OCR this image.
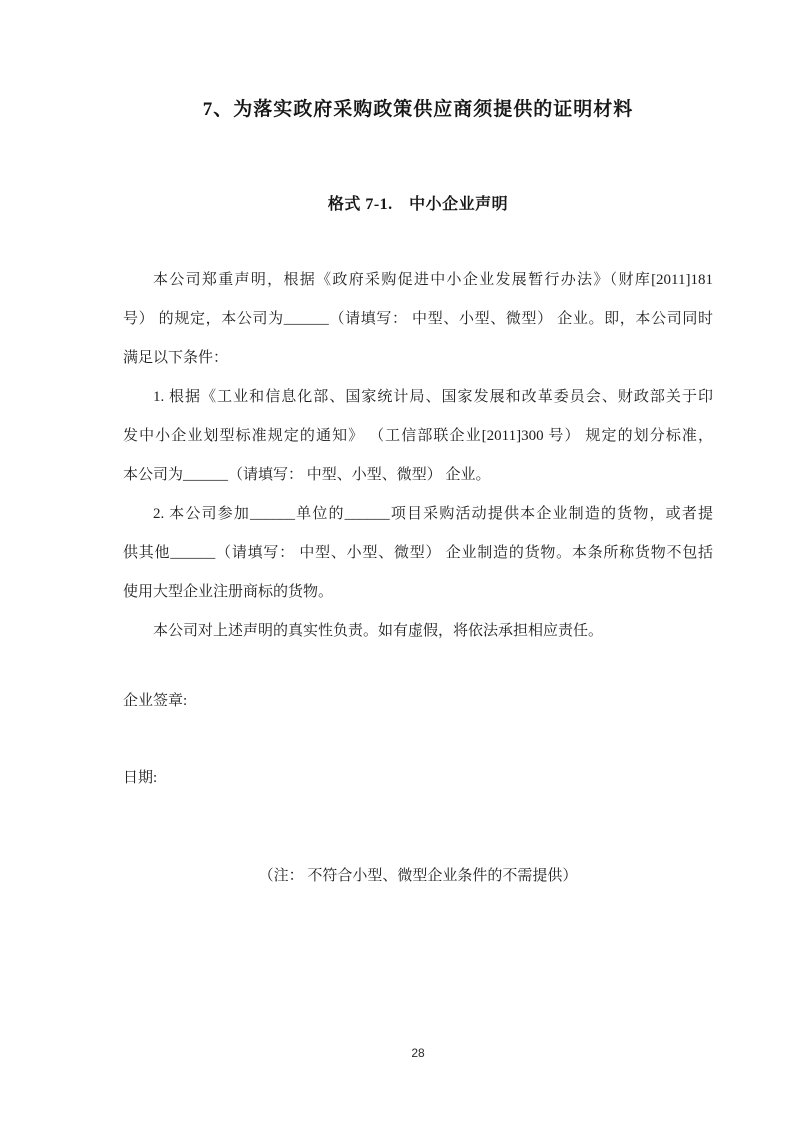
7、为落实政府采购政策供应商须提供的证明材料
格式 7-1.　中小企业声明
本公司郑重声明，根据《政府采购促进中小企业发展暂行办法》（财库[2011]181
号） 的规定，本公司为______（请填写： 中型、小型、微型） 企业。即，本公司同时
满足以下条件：
1. 根据《工业和信息化部、国家统计局、国家发展和改革委员会、财政部关于印
发中小企业划型标准规定的通知》 （工信部联企业[2011]300 号） 规定的划分标准，
本公司为______（请填写： 中型、小型、微型） 企业。
2. 本公司参加______单位的______项目采购活动提供本企业制造的货物，或者提
供其他______（请填写： 中型、小型、微型） 企业制造的货物。本条所称货物不包括
使用大型企业注册商标的货物。
本公司对上述声明的真实性负责。如有虚假，将依法承担相应责任。
企业签章:
日期:
（注： 不符合小型、微型企业条件的不需提供）
28
